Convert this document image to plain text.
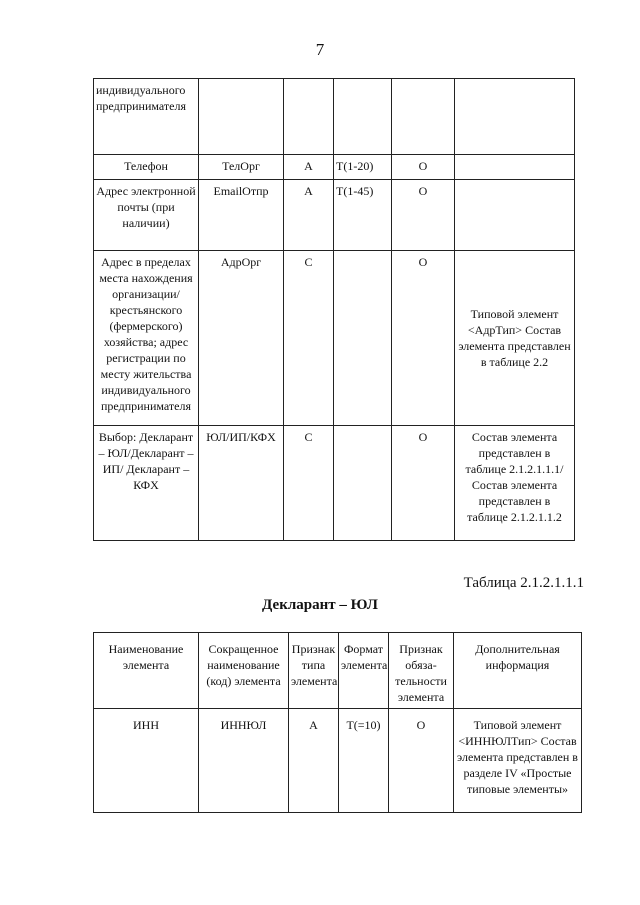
7
индивидуального предпринимателя					
Телефон	ТелОрг	А	Т(1-20)	О	
Адрес электронной почты (при наличии)	EmailОтпр	А	Т(1-45)	О	
Адрес в пределах места нахождения организации/ крестьянского (фермерского) хозяйства; адрес регистрации по месту жительства индивидуального предпринимателя	АдрОрг	С		О	Типовой элемент <АдрТип> Состав элемента представлен в таблице 2.2
Выбор: Декларант – ЮЛ/Декларант – ИП/ Декларант – КФХ	ЮЛ/ИП/КФХ	С		О	Состав элемента представлен в таблице 2.1.2.1.1.1/Состав элемента представлен в таблице 2.1.2.1.1.2
Таблица 2.1.2.1.1.1
Декларант – ЮЛ
Наименование элемента	Сокращенное наименование (код) элемента	Признак типа элемента	Формат элемента	Признак обяза- тельности элемента	Дополнительная информация
ИНН	ИННЮЛ	А	Т(=10)	О	Типовой элемент <ИННЮЛТип> Состав элемента представлен в разделе IV «Простые типовые элементы»
